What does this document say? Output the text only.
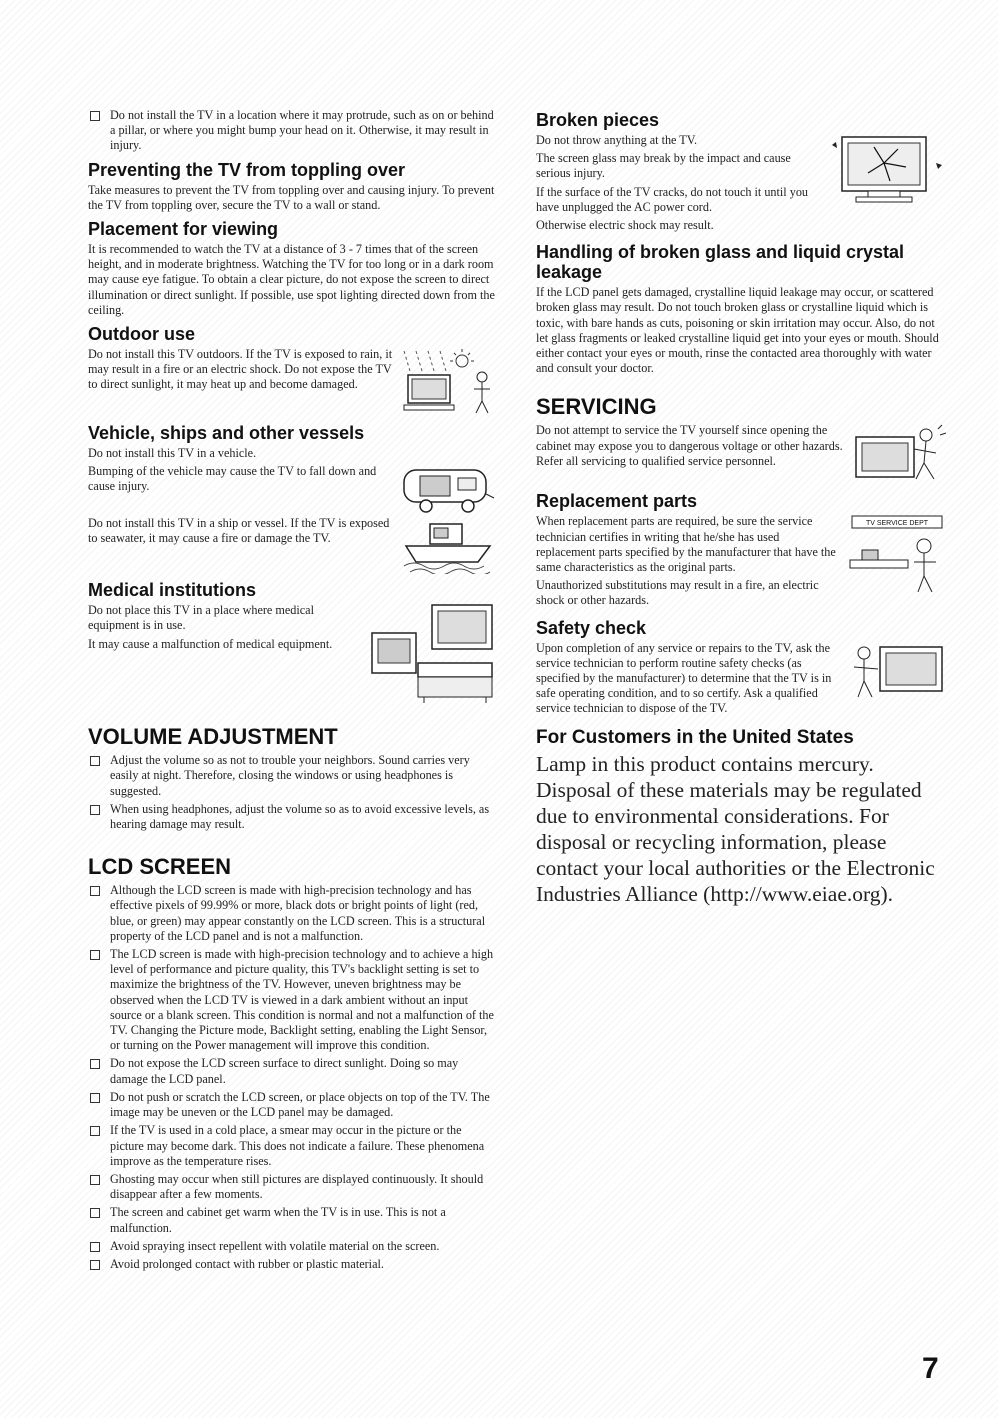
Do not install the TV in a location where it may protrude, such as on or behind a pillar, or where you might bump your head on it. Otherwise, it may result in injury.
Preventing the TV from toppling over

Take measures to prevent the TV from toppling over and causing injury. To prevent the TV from toppling over, secure the TV to a wall or stand.

Placement for viewing

It is recommended to watch the TV at a distance of 3 - 7 times that of the screen height, and in moderate brightness. Watching the TV for too long or in a dark room may cause eye fatigue. To obtain a clear picture, do not expose the screen to direct illumination or direct sunlight. If possible, use spot lighting directed down from the ceiling.

Outdoor use

Do not install this TV outdoors. If the TV is exposed to rain, it may result in a fire or an electric shock. Do not expose the TV to direct sunlight, it may heat up and become damaged.

Vehicle, ships and other vessels

Do not install this TV in a vehicle.

Bumping of the vehicle may cause the TV to fall down and cause injury.

Do not install this TV in a ship or vessel. If the TV is exposed to seawater, it may cause a fire or damage the TV.

Medical institutions

Do not place this TV in a place where medical equipment is in use.

It may cause a malfunction of medical equipment.

VOLUME ADJUSTMENT
Adjust the volume so as not to trouble your neighbors. Sound carries very easily at night. Therefore, closing the windows or using headphones is suggested.
When using headphones, adjust the volume so as to avoid excessive levels, as hearing damage may result.
LCD SCREEN
Although the LCD screen is made with high-precision technology and has effective pixels of 99.99% or more, black dots or bright points of light (red, blue, or green) may appear constantly on the LCD screen. This is a structural property of the LCD panel and is not a malfunction.
The LCD screen is made with high-precision technology and to achieve a high level of performance and picture quality, this TV's backlight setting is set to maximize the brightness of the TV. However, uneven brightness may be observed when the LCD TV is viewed in a dark ambient without an input source or a blank screen. This condition is normal and not a malfunction of the TV. Changing the Picture mode, Backlight setting, enabling the Light Sensor, or turning on the Power management will improve this condition.
Do not expose the LCD screen surface to direct sunlight. Doing so may damage the LCD panel.
Do not push or scratch the LCD screen, or place objects on top of the TV. The image may be uneven or the LCD panel may be damaged.
If the TV is used in a cold place, a smear may occur in the picture or the picture may become dark. This does not indicate a failure. These phenomena improve as the temperature rises.
Ghosting may occur when still pictures are displayed continuously. It should disappear after a few moments.
The screen and cabinet get warm when the TV is in use. This is not a malfunction.
Avoid spraying insect repellent with volatile material on the screen.
Avoid prolonged contact with rubber or plastic material.
Broken pieces

Do not throw anything at the TV.

The screen glass may break by the impact and cause serious injury.

If the surface of the TV cracks, do not touch it until you have unplugged the AC power cord.

Otherwise electric shock may result.

Handling of broken glass and liquid crystal leakage

If the LCD panel gets damaged, crystalline liquid leakage may occur, or scattered broken glass may result. Do not touch broken glass or crystalline liquid which is toxic, with bare hands as cuts, poisoning or skin irritation may occur. Also, do not let glass fragments or leaked crystalline liquid get into your eyes or mouth. Should either contact your eyes or mouth, rinse the contacted area thoroughly with water and consult your doctor.

SERVICING

Do not attempt to service the TV yourself since opening the cabinet may expose you to dangerous voltage or other hazards. Refer all servicing to qualified service personnel.

Replacement parts
TV SERVICE DEPT

When replacement parts are required, be sure the service technician certifies in writing that he/she has used replacement parts specified by the manufacturer that have the same characteristics as the original parts.

Unauthorized substitutions may result in a fire, an electric shock or other hazards.

Safety check

Upon completion of any service or repairs to the TV, ask the service technician to perform routine safety checks (as specified by the manufacturer) to determine that the TV is in safe operating condition, and to so certify. Ask a qualified service technician to dispose of the TV.

For Customers in the United States

Lamp in this product contains mercury. Disposal of these materials may be regulated due to environmental considerations. For disposal or recycling information, please contact your local authorities or the Electronic Industries Alliance (http://www.eiae.org).

7
